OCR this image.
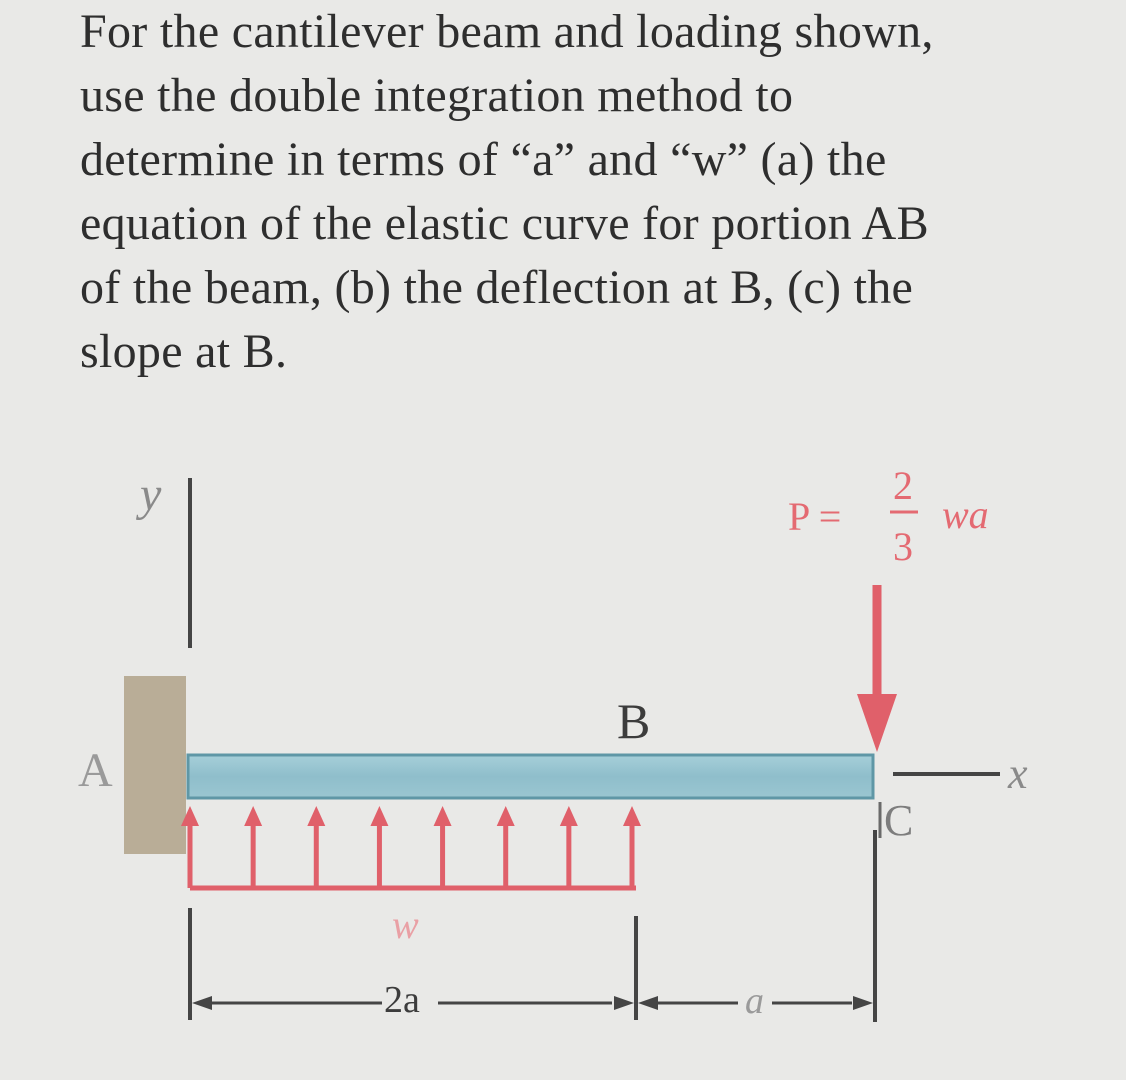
For the cantilever beam and loading shown,
use the double integration method to
determine in terms of “a” and “w” (a) the
equation of the elastic curve for portion AB
of the beam, (b) the deflection at B, (c) the
slope at B.
y
A
B
P =
2
3
wa
x
C
w
2a	a
